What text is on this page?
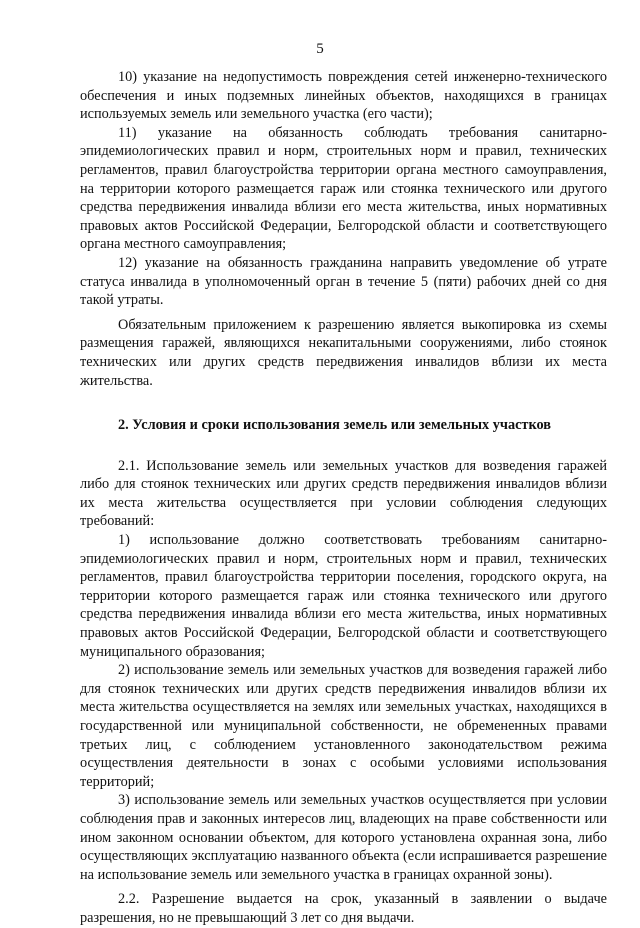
5

10) указание на недопустимость повреждения сетей инженерно-технического обеспечения и иных подземных линейных объектов, находящихся в границах используемых земель или земельного участка (его части);

11) указание на обязанность соблюдать требования санитарно-эпидемиологических правил и норм, строительных норм и правил, технических регламентов, правил благоустройства территории органа местного самоуправления, на территории которого размещается гараж или стоянка технического или другого средства передвижения инвалида вблизи его места жительства, иных нормативных правовых актов Российской Федерации, Белгородской области и соответствующего органа местного самоуправления;

12) указание на обязанность гражданина направить уведомление об утрате статуса инвалида в уполномоченный орган в течение 5 (пяти) рабочих дней со дня такой утраты.

Обязательным приложением к разрешению является выкопировка из схемы размещения гаражей, являющихся некапитальными сооружениями, либо стоянок технических или других средств передвижения инвалидов вблизи их места жительства.

2. Условия и сроки использования земель или земельных участков

2.1. Использование земель или земельных участков для возведения гаражей либо для стоянок технических или других средств передвижения инвалидов вблизи их места жительства осуществляется при условии соблюдения следующих требований:

1) использование должно соответствовать требованиям санитарно-эпидемиологических правил и норм, строительных норм и правил, технических регламентов, правил благоустройства территории поселения, городского округа, на территории которого размещается гараж или стоянка технического или другого средства передвижения инвалида вблизи его места жительства, иных нормативных правовых актов Российской Федерации, Белгородской области и соответствующего муниципального образования;

2) использование земель или земельных участков для возведения гаражей либо для стоянок технических или других средств передвижения инвалидов вблизи их места жительства осуществляется на землях или земельных участках, находящихся в государственной или муниципальной собственности, не обремененных правами третьих лиц, с соблюдением установленного законодательством режима осуществления деятельности в зонах с особыми условиями использования территорий;

3) использование земель или земельных участков осуществляется при условии соблюдения прав и законных интересов лиц, владеющих на праве собственности или ином законном основании объектом, для которого установлена охранная зона, либо осуществляющих эксплуатацию названного объекта (если испрашивается разрешение на использование земель или земельного участка в границах охранной зоны).

2.2. Разрешение выдается на срок, указанный в заявлении о выдаче разрешения, но не превышающий 3 лет со дня выдачи.
